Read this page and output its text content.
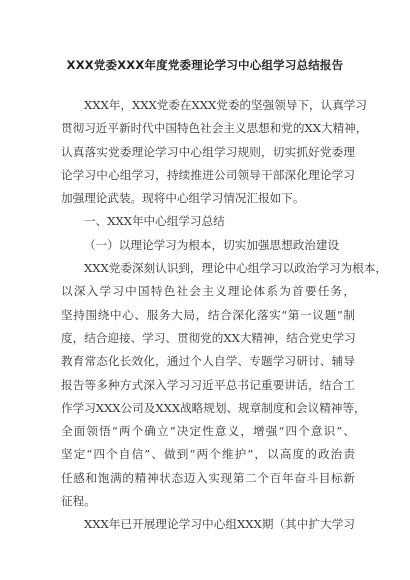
XXX党委XXX年度党委理论学习中心组学习总结报告
XXX年，XXX党委在XXX党委的坚强领导下，认真学习
贯彻习近平新时代中国特色社会主义思想和党的XX大精神，
认真落实党委理论学习中心组学习规则，切实抓好党委理
论学习中心组学习，持续推进公司领导干部深化理论学习
加强理论武装。现将中心组学习情况汇报如下。
一、XXX年中心组学习总结
（一）以理论学习为根本，切实加强思想政治建设
XXX党委深刻认识到，理论中心组学习以政治学习为根本，
以深入学习中国特色社会主义理论体系为首要任务，
坚持围绕中心、服务大局，结合深化落实“第一议题”制
度，结合迎接、学习、贯彻党的XX大精神，结合党史学习
教育常态化长效化，通过个人自学、专题学习研讨、辅导
报告等多种方式深入学习习近平总书记重要讲话，结合工
作学习XXX公司及XXX战略规划、规章制度和会议精神等，
全面领悟“两个确立”决定性意义，增强“四个意识”、
坚定“四个自信”、做到“两个维护”，以高度的政治责
任感和饱满的精神状态迈入实现第二个百年奋斗目标新
征程。
XXX年已开展理论学习中心组XXX期（其中扩大学习
